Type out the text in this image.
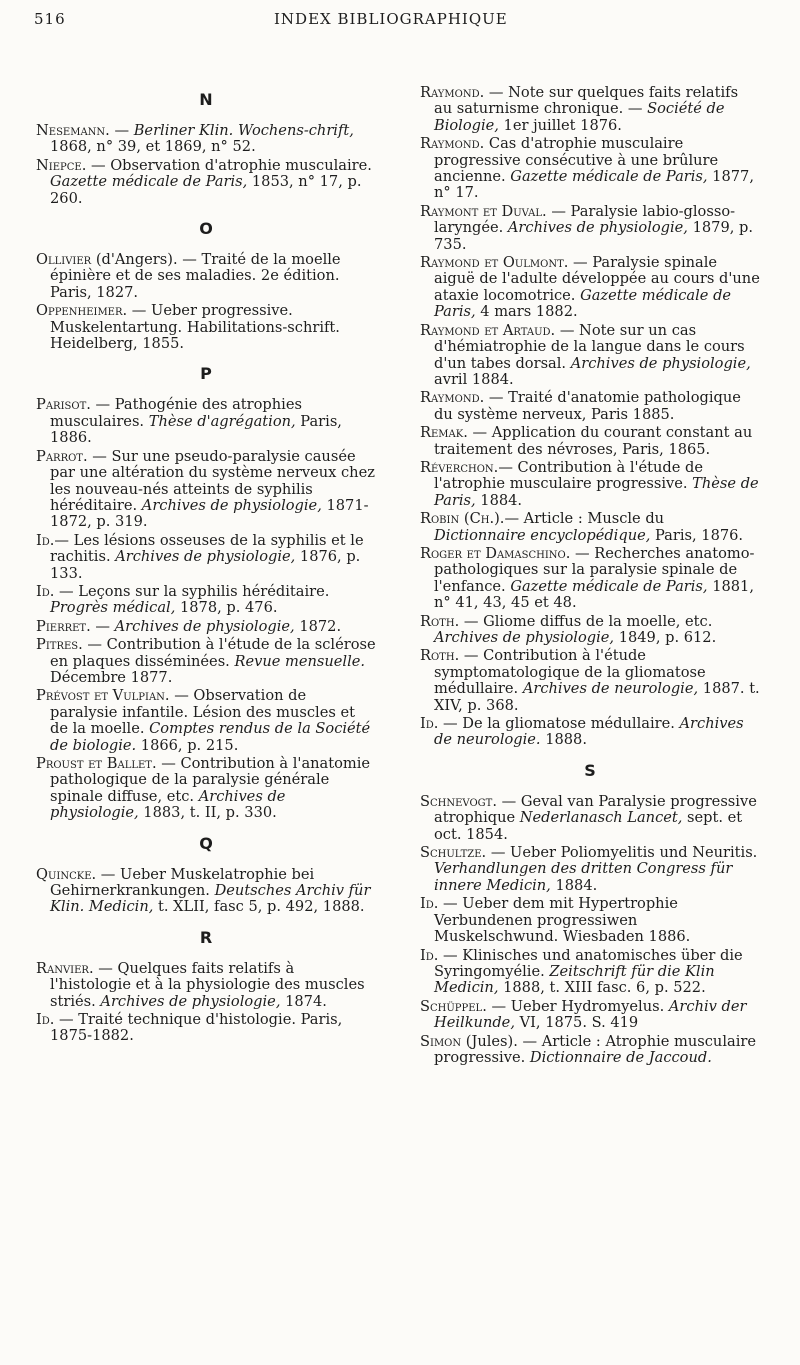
516	INDEX BIBLIOGRAPHIQUE
N

Nesemann. — Berliner Klin. Wochens-chrift, 1868, n° 39, et 1869, n° 52.

Niepce. — Observation d'atrophie musculaire. Gazette médicale de Paris, 1853, n° 17, p. 260.

O

Ollivier (d'Angers). — Traité de la moelle épinière et de ses maladies. 2e édition. Paris, 1827.

Oppenheimer. — Ueber progressive. Muskelentartung. Habilitations-schrift. Heidelberg, 1855.

P

Parisot. — Pathogénie des atrophies musculaires. Thèse d'agrégation, Paris, 1886.

Parrot. — Sur une pseudo-paralysie causée par une altération du système nerveux chez les nouveau-nés atteints de syphilis héréditaire. Archives de physiologie, 1871-1872, p. 319.

Id.— Les lésions osseuses de la syphilis et le rachitis. Archives de physiologie, 1876, p. 133.

Id. — Leçons sur la syphilis héréditaire. Progrès médical, 1878, p. 476.

Pierret. — Archives de physiologie, 1872.

Pitres. — Contribution à l'étude de la sclérose en plaques disséminées. Revue mensuelle. Décembre 1877.

Prévost et Vulpian. — Observation de paralysie infantile. Lésion des muscles et de la moelle. Comptes rendus de la Société de biologie. 1866, p. 215.

Proust et Ballet. — Contribution à l'anatomie pathologique de la paralysie générale spinale diffuse, etc. Archives de physiologie, 1883, t. II, p. 330.

Q

Quincke. — Ueber Muskelatrophie bei Gehirnerkrankungen. Deutsches Archiv für Klin. Medicin, t. XLII, fasc 5, p. 492, 1888.

R

Ranvier. — Quelques faits relatifs à l'histologie et à la physiologie des muscles striés. Archives de physiologie, 1874.

Id. — Traité technique d'histologie. Paris, 1875-1882.

Raymond. — Note sur quelques faits relatifs au saturnisme chronique. — Société de Biologie, 1er juillet 1876.

Raymond. Cas d'atrophie musculaire progressive consécutive à une brûlure ancienne. Gazette médicale de Paris, 1877, n° 17.

Raymont et Duval. — Paralysie labio-glosso-laryngée. Archives de physiologie, 1879, p. 735.

Raymond et Oulmont. — Paralysie spinale aiguë de l'adulte développée au cours d'une ataxie locomotrice. Gazette médicale de Paris, 4 mars 1882.

Raymond et Artaud. — Note sur un cas d'hémiatrophie de la langue dans le cours d'un tabes dorsal. Archives de physiologie, avril 1884.

Raymond. — Traité d'anatomie pathologique du système nerveux, Paris 1885.

Remak. — Application du courant constant au traitement des névroses, Paris, 1865.

Réverchon.— Contribution à l'étude de l'atrophie musculaire progressive. Thèse de Paris, 1884.

Robin (Ch.).— Article : Muscle du Dictionnaire encyclopédique, Paris, 1876.

Roger et Damaschino. — Recherches anatomo-pathologiques sur la paralysie spinale de l'enfance. Gazette médicale de Paris, 1881, n° 41, 43, 45 et 48.

Roth. — Gliome diffus de la moelle, etc. Archives de physiologie, 1849, p. 612.

Roth. — Contribution à l'étude symptomatologique de la gliomatose médullaire. Archives de neurologie, 1887. t. XIV, p. 368.

Id. — De la gliomatose médullaire. Archives de neurologie. 1888.

S

Schnevogt. — Geval van Paralysie progressive atrophique Nederlanasch Lancet, sept. et oct. 1854.

Schultze. — Ueber Poliomyelitis und Neuritis. Verhandlungen des dritten Congress für innere Medicin, 1884.

Id. — Ueber dem mit Hypertrophie Verbundenen progressiwen Muskelschwund. Wiesbaden 1886.

Id. — Klinisches und anatomisches über die Syringomyélie. Zeitschrift für die Klin Medicin, 1888, t. XIII fasc. 6, p. 522.

Schüppel. — Ueber Hydromyelus. Archiv der Heilkunde, VI, 1875. S. 419

Simon (Jules). — Article : Atrophie musculaire progressive. Dictionnaire de Jaccoud.
